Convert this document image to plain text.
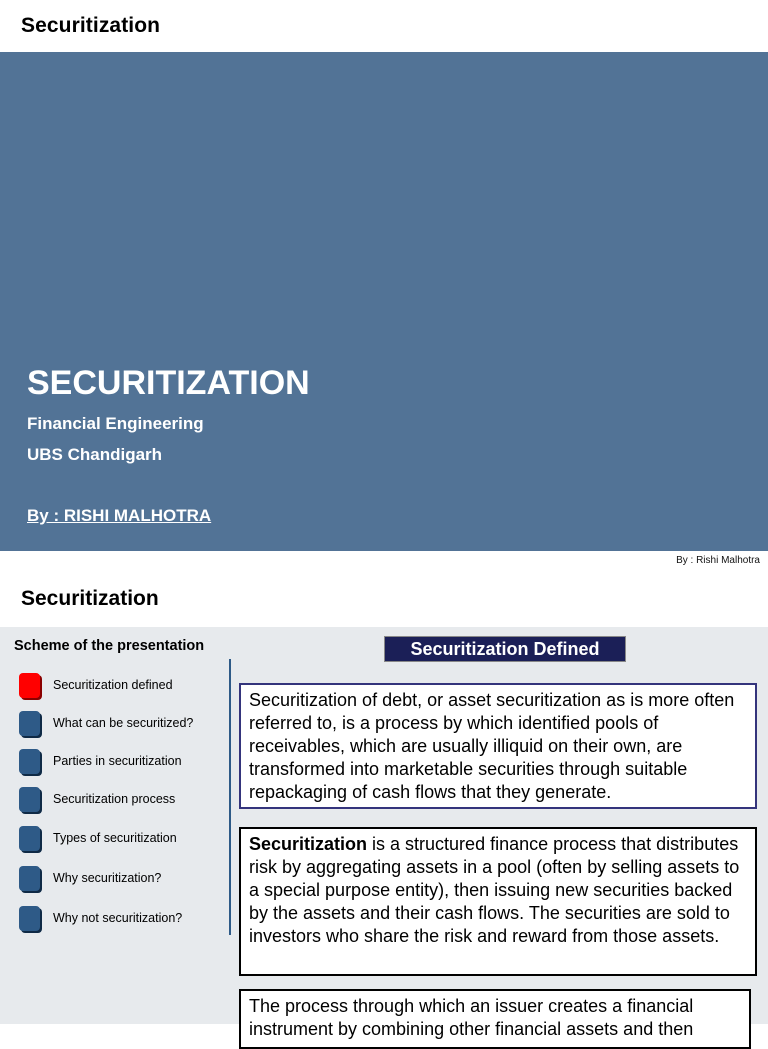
Securitization
SECURITIZATION
Financial Engineering
UBS Chandigarh
By : RISHI MALHOTRA
By : Rishi Malhotra
Securitization
Scheme of the presentation
Securitization defined
What can be securitized?
Parties in securitization
Securitization process
Types of securitization
Why securitization?
Why not securitization?
Securitization Defined
Securitization of debt, or asset securitization as is more often referred to, is a process by which identified pools of receivables, which are usually illiquid on their own, are transformed into marketable securities through suitable repackaging of cash flows that they generate.
Securitization is a structured finance process that distributes risk by aggregating assets in a pool (often by selling assets to a special purpose entity), then issuing new securities backed by the assets and their cash flows. The securities are sold to investors who share the risk and reward from those assets.
The process through which an issuer creates a financial instrument by combining other financial assets and then
